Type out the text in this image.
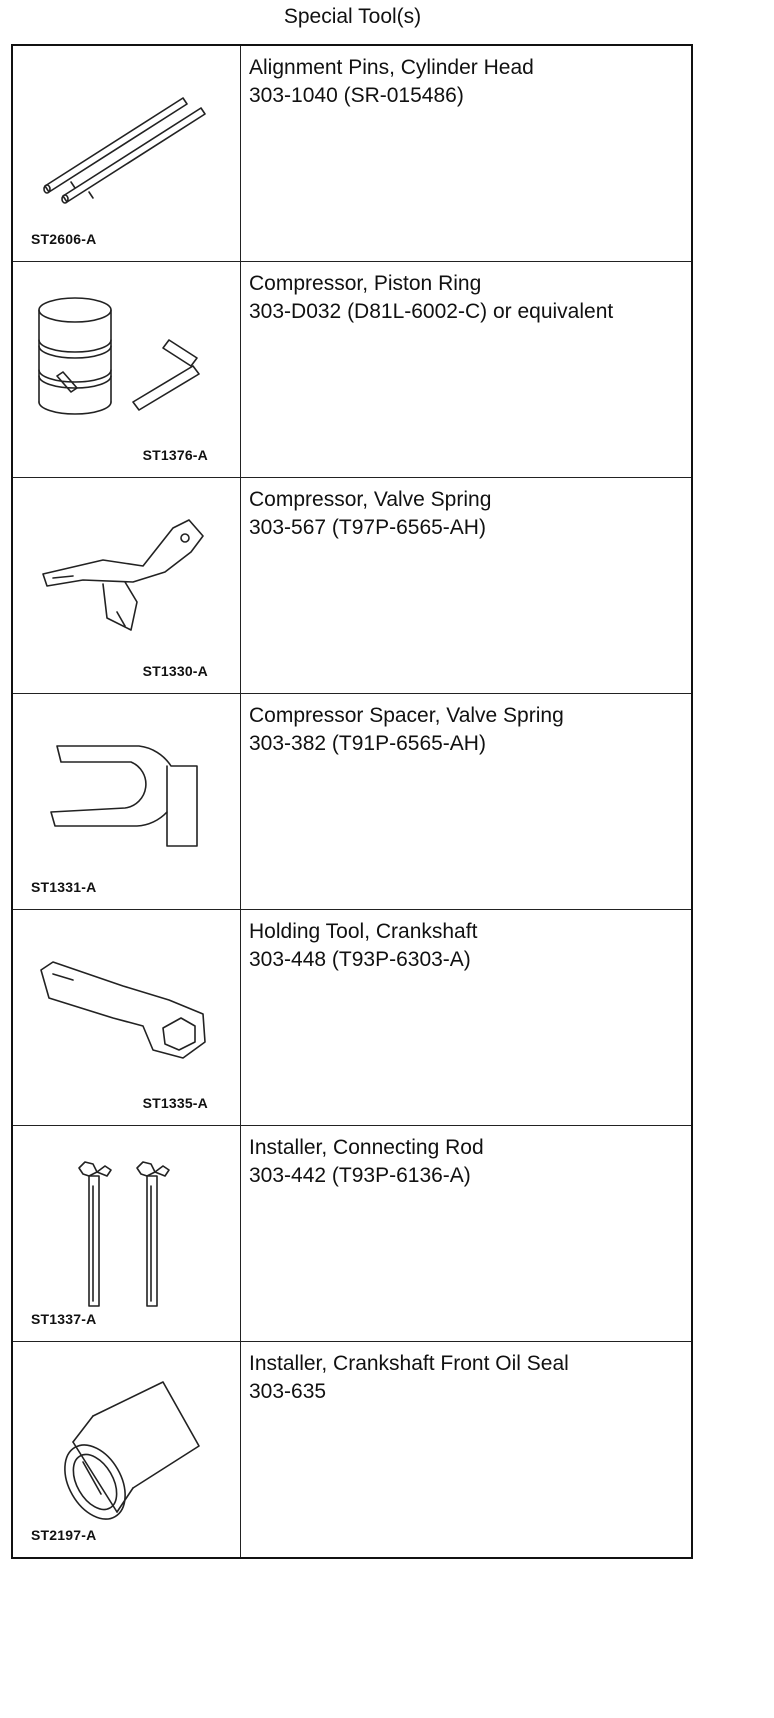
Special Tool(s)
ST2606-A	Alignment Pins, Cylinder Head
303-1040 (SR-015486)

ST1376-A	Compressor, Piston Ring
303-D032 (D81L-6002-C) or equivalent

ST1330-A	Compressor, Valve Spring
303-567 (T97P-6565-AH)

ST1331-A	Compressor Spacer, Valve Spring
303-382 (T91P-6565-AH)

ST1335-A	Holding Tool, Crankshaft
303-448 (T93P-6303-A)

ST1337-A	Installer, Connecting Rod
303-442 (T93P-6136-A)

ST2197-A	Installer, Crankshaft Front Oil Seal
303-635
